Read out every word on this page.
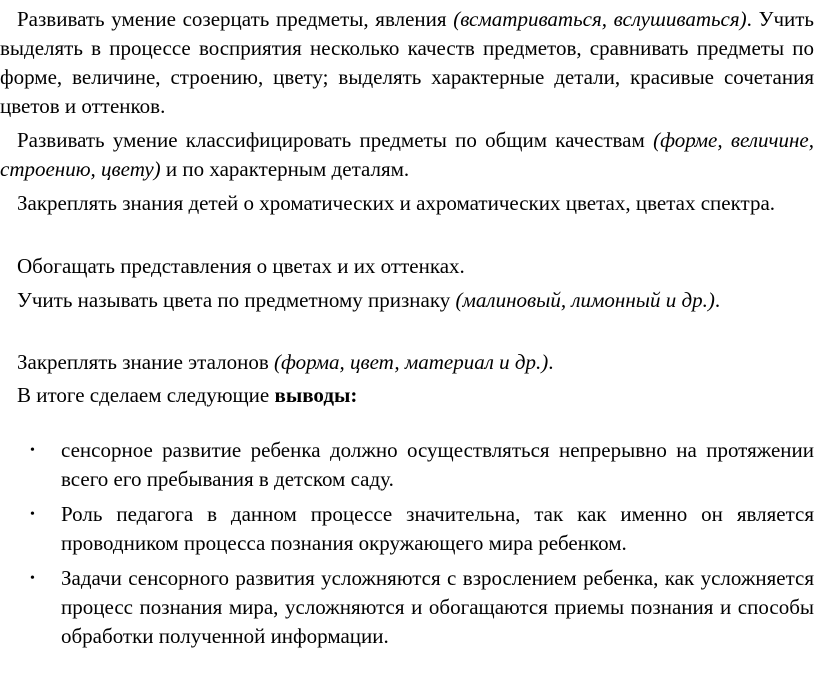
Развивать умение созерцать предметы, явления (всматриваться, вслушиваться). Учить выделять в процессе восприятия несколько качеств предметов, сравнивать предметы по форме, величине, строению, цвету; выделять характерные детали, красивые сочетания цветов и оттенков.

Развивать умение классифицировать предметы по общим качествам (форме, величине, строению, цвету) и по характерным деталям.

Закреплять знания детей о хроматических и ахроматических цветах, цветах спектра.

Обогащать представления о цветах и их оттенках.

Учить называть цвета по предметному признаку (малиновый, лимонный и др.).

Закреплять знание эталонов (форма, цвет, материал и др.).

В итоге сделаем следующие выводы:

• сенсорное развитие ребенка должно осуществляться непрерывно на протяжении всего его пребывания в детском саду.
• Роль педагога в данном процессе значительна, так как именно он является проводником процесса познания окружающего мира ребенком.
• Задачи сенсорного развития усложняются с взрослением ребенка, как усложняется процесс познания мира, усложняются и обогащаются приемы познания и способы обработки полученной информации.
